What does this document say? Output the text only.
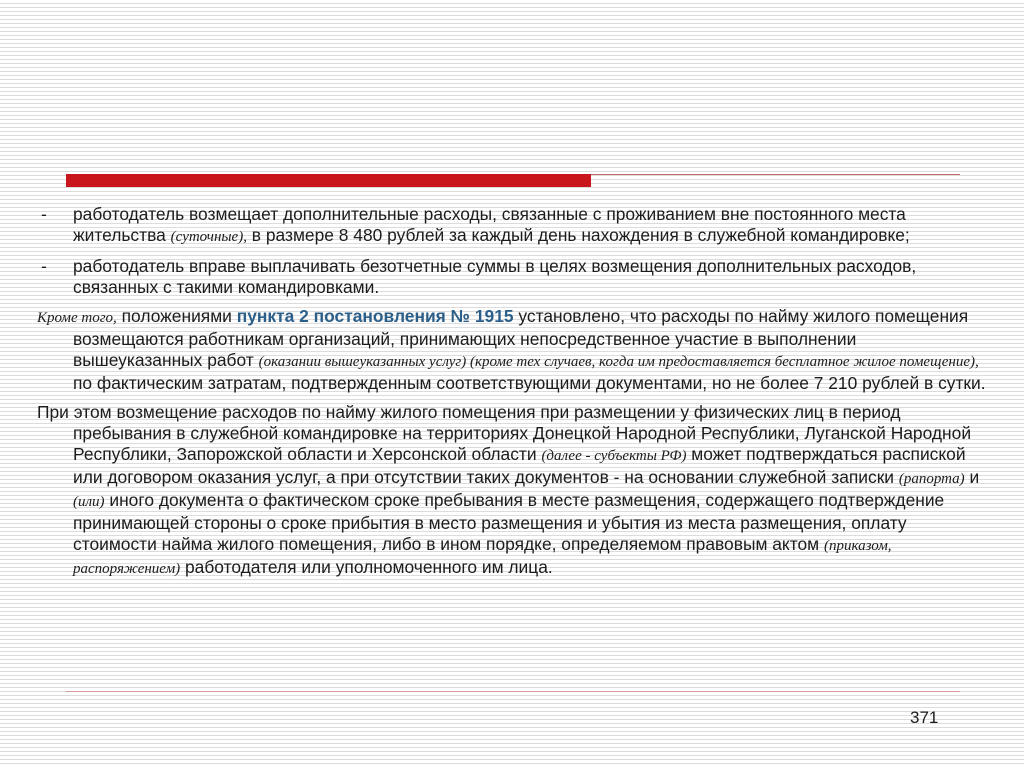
- работодатель возмещает дополнительные расходы, связанные с проживанием вне постоянного места жительства (суточные), в размере 8 480 рублей за каждый день нахождения в служебной командировке;
- работодатель вправе выплачивать безотчетные суммы в целях возмещения дополнительных расходов, связанных с такими командировками.
Кроме того, положениями пункта 2 постановления № 1915 установлено, что расходы по найму жилого помещения возмещаются работникам организаций, принимающих непосредственное участие в выполнении вышеуказанных работ (оказании вышеуказанных услуг) (кроме тех случаев, когда им предоставляется бесплатное жилое помещение), по фактическим затратам, подтвержденным соответствующими документами, но не более 7 210 рублей в сутки.
При этом возмещение расходов по найму жилого помещения при размещении у физических лиц в период пребывания в служебной командировке на территориях Донецкой Народной Республики, Луганской Народной Республики, Запорожской области и Херсонской области (далее - субъекты РФ) может подтверждаться распиской или договором оказания услуг, а при отсутствии таких документов - на основании служебной записки (рапорта) и (или) иного документа о фактическом сроке пребывания в месте размещения, содержащего подтверждение принимающей стороны о сроке прибытия в место размещения и убытия из места размещения, оплату стоимости найма жилого помещения, либо в ином порядке, определяемом правовым актом (приказом, распоряжением) работодателя или уполномоченного им лица.
371
